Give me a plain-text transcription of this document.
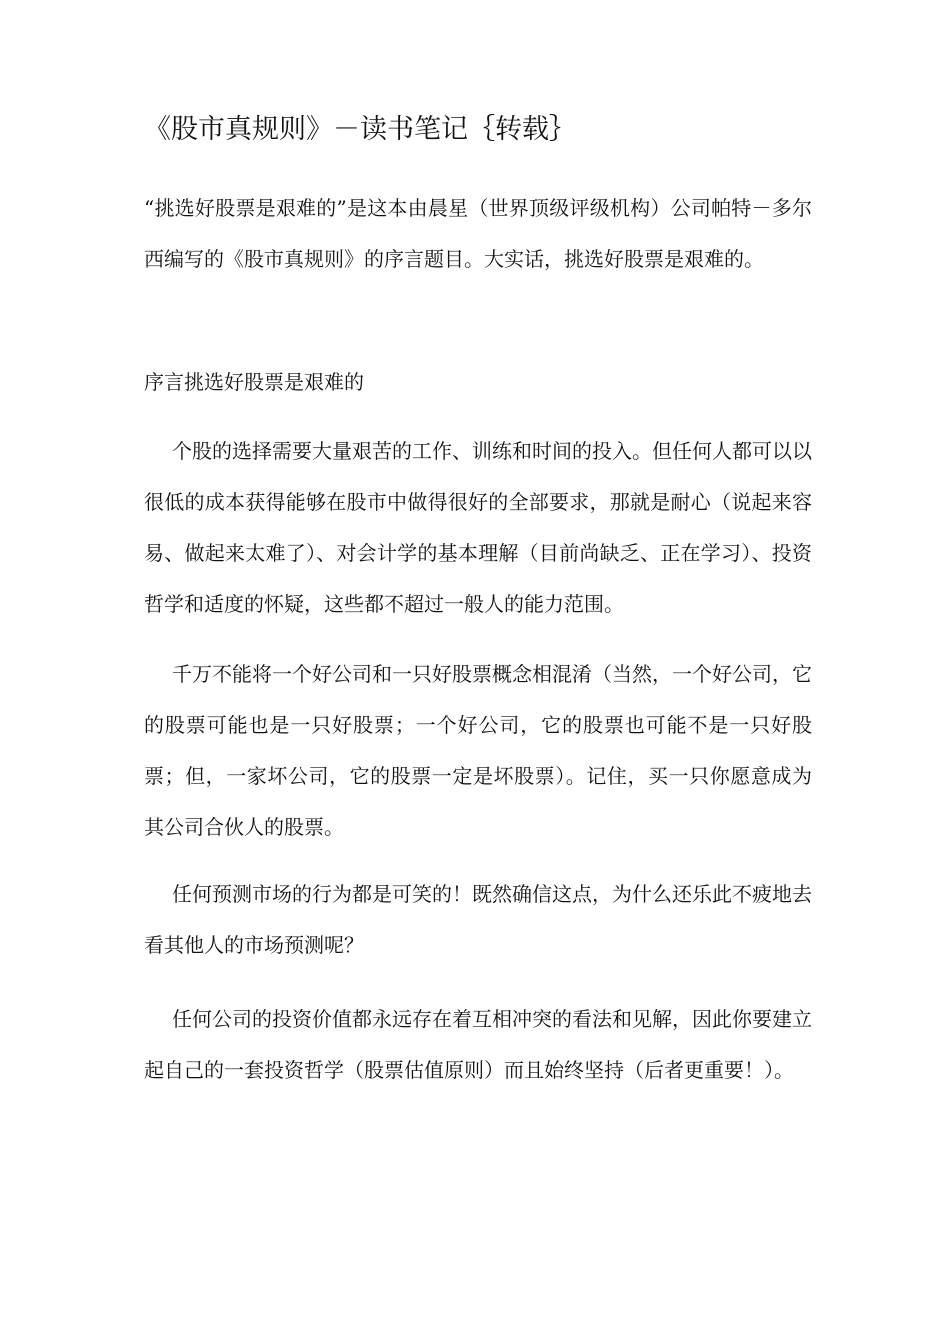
《股市真规则》－读书笔记｛转载｝

“挑选好股票是艰难的”是这本由晨星（世界顶级评级机构）公司帕特－多尔西编写的《股市真规则》的序言题目。大实话，挑选好股票是艰难的。

序言挑选好股票是艰难的

个股的选择需要大量艰苦的工作、训练和时间的投入。但任何人都可以以很低的成本获得能够在股市中做得很好的全部要求，那就是耐心（说起来容易、做起来太难了）、对会计学的基本理解（目前尚缺乏、正在学习）、投资哲学和适度的怀疑，这些都不超过一般人的能力范围。

千万不能将一个好公司和一只好股票概念相混淆（当然，一个好公司，它的股票可能也是一只好股票；一个好公司，它的股票也可能不是一只好股票；但，一家坏公司，它的股票一定是坏股票）。记住，买一只你愿意成为其公司合伙人的股票。

任何预测市场的行为都是可笑的！既然确信这点，为什么还乐此不疲地去看其他人的市场预测呢？

任何公司的投资价值都永远存在着互相冲突的看法和见解，因此你要建立起自己的一套投资哲学（股票估值原则）而且始终坚持（后者更重要！）。
